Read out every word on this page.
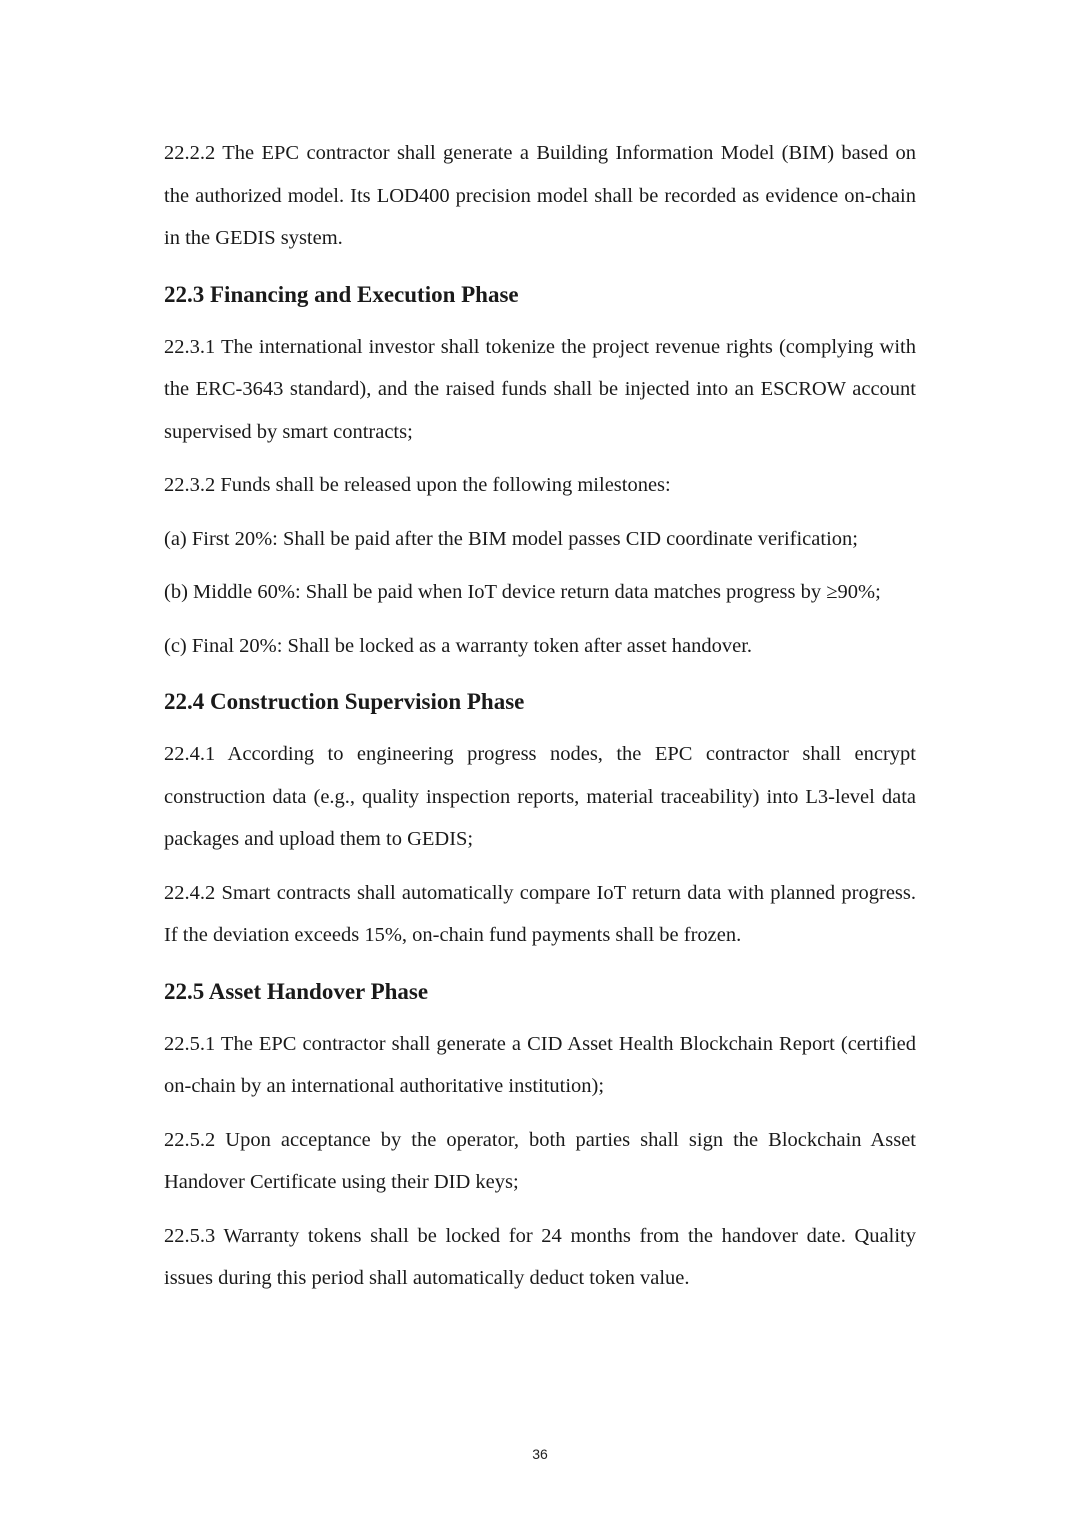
22.2.2 The EPC contractor shall generate a Building Information Model (BIM) based on the authorized model. Its LOD400 precision model shall be recorded as evidence on-chain in the GEDIS system.

22.3 Financing and Execution Phase

22.3.1 The international investor shall tokenize the project revenue rights (complying with the ERC-3643 standard), and the raised funds shall be injected into an ESCROW account supervised by smart contracts;

22.3.2 Funds shall be released upon the following milestones:

(a) First 20%: Shall be paid after the BIM model passes CID coordinate verification;

(b) Middle 60%: Shall be paid when IoT device return data matches progress by ≥90%;

(c) Final 20%: Shall be locked as a warranty token after asset handover.

22.4 Construction Supervision Phase

22.4.1 According to engineering progress nodes, the EPC contractor shall encrypt construction data (e.g., quality inspection reports, material traceability) into L3-level data packages and upload them to GEDIS;

22.4.2 Smart contracts shall automatically compare IoT return data with planned progress. If the deviation exceeds 15%, on-chain fund payments shall be frozen.

22.5 Asset Handover Phase

22.5.1 The EPC contractor shall generate a CID Asset Health Blockchain Report (certified on-chain by an international authoritative institution);

22.5.2 Upon acceptance by the operator, both parties shall sign the Blockchain Asset Handover Certificate using their DID keys;

22.5.3 Warranty tokens shall be locked for 24 months from the handover date. Quality issues during this period shall automatically deduct token value.

36
